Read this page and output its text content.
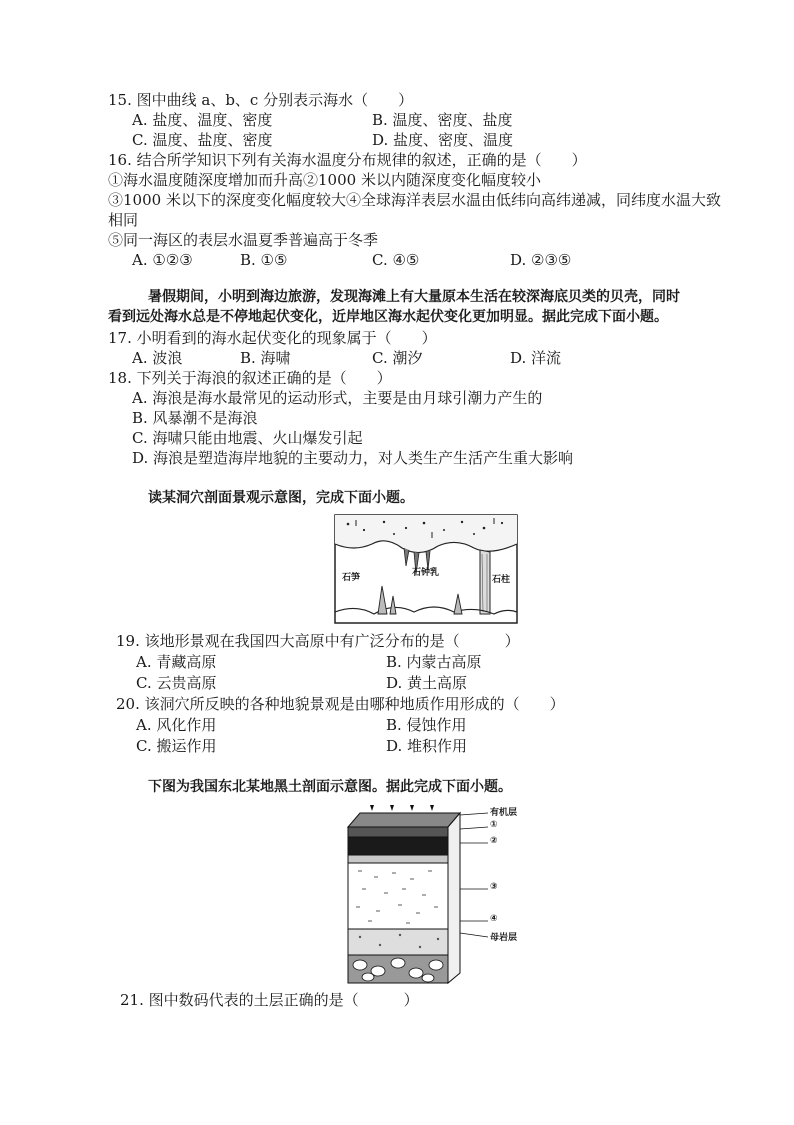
15. 图中曲线 a、b、c 分别表示海水（　　）
A. 盐度、温度、密度	B. 温度、密度、盐度
C. 温度、盐度、密度	D. 盐度、密度、温度
16. 结合所学知识下列有关海水温度分布规律的叙述，正确的是（　　）
①海水温度随深度增加而升高②1000 米以内随深度变化幅度较小
③1000 米以下的深度变化幅度较大④全球海洋表层水温由低纬向高纬递减，同纬度水温大致
相同
⑤同一海区的表层水温夏季普遍高于冬季
A. ①②③	B. ①⑤	C. ④⑤	D. ②③⑤
暑假期间，小明到海边旅游，发现海滩上有大量原本生活在较深海底贝类的贝壳，同时
看到远处海水总是不停地起伏变化，近岸地区海水起伏变化更加明显。据此完成下面小题。
17. 小明看到的海水起伏变化的现象属于（　　）
A. 波浪	B. 海啸	C. 潮汐	D. 洋流
18. 下列关于海浪的叙述正确的是（　　）
A. 海浪是海水最常见的运动形式，主要是由月球引潮力产生的
B. 风暴潮不是海浪
C. 海啸只能由地震、火山爆发引起
D. 海浪是塑造海岸地貌的主要动力，对人类生产生活产生重大影响
读某洞穴剖面景观示意图，完成下面小题。
石笋	石钟乳
石柱
19. 该地形景观在我国四大高原中有广泛分布的是（　　　）
A. 青藏高原	B. 内蒙古高原
C. 云贵高原	D. 黄土高原
20. 该洞穴所反映的各种地貌景观是由哪种地质作用形成的（　　）
A. 风化作用	B. 侵蚀作用
C. 搬运作用	D. 堆积作用
下图为我国东北某地黑土剖面示意图。据此完成下面小题。
有机层
①
②
③
④
母岩层
21. 图中数码代表的土层正确的是（　　　）
